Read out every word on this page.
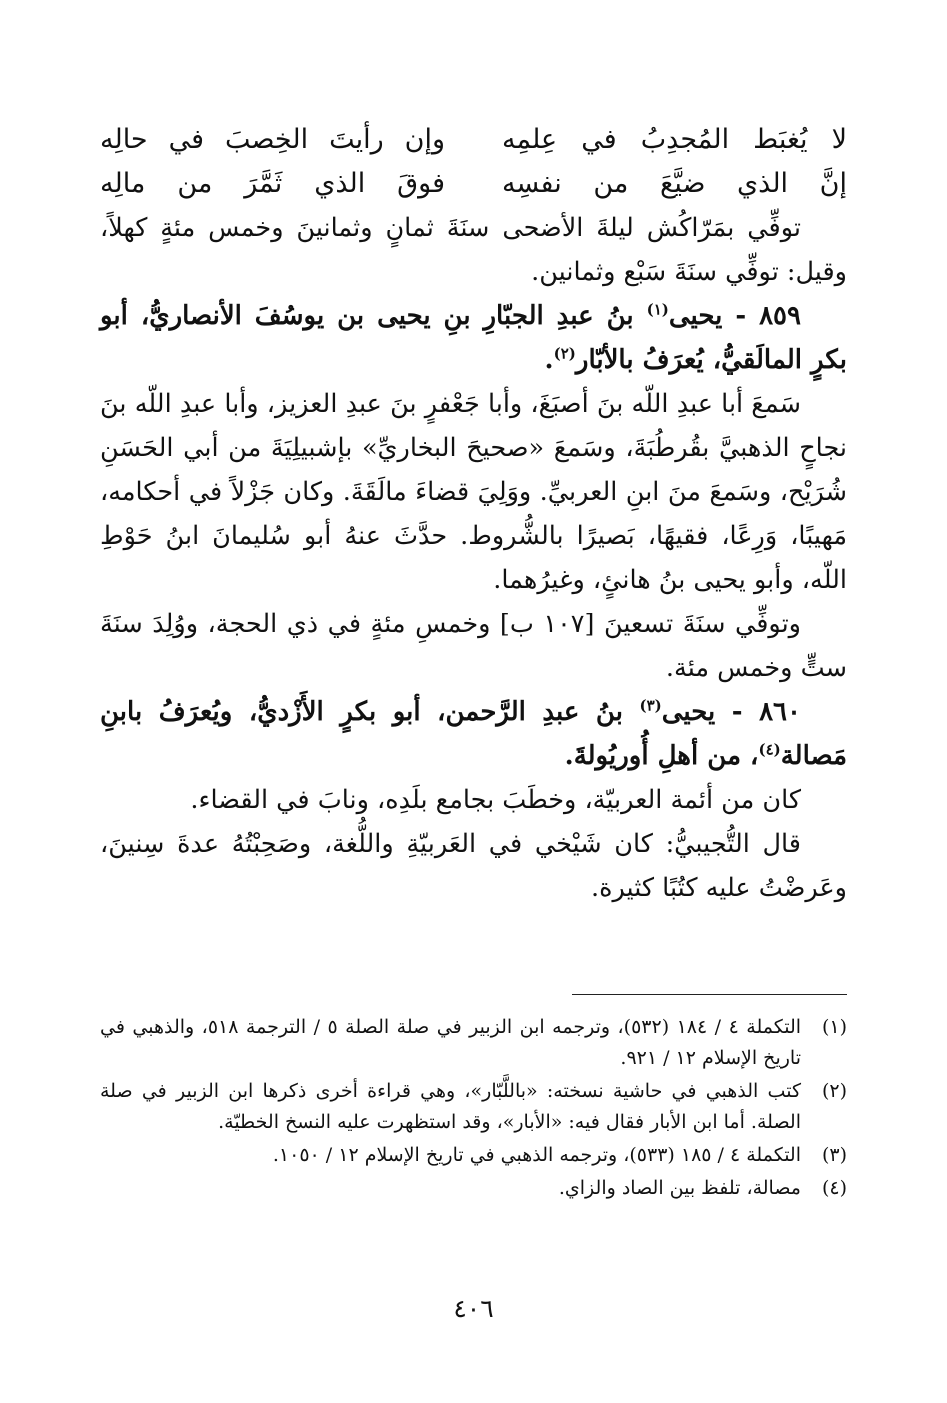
لا يُغبَط المُجدِبُ في عِلمِه
وإن رأيتَ الخِصبَ في حالِه
إنَّ الذي ضيَّعَ من نفسِه
فوقَ الذي ثَمَّرَ من مالِه

توفِّي بمَرّاكُش ليلةَ الأضحى سنَةَ ثمانٍ وثمانينَ وخمس مئةٍ كهلاً، وقيل: توفِّي سنَةَ سَبْع وثمانين.

٨٥٩ - يحيى$^{(١)}$ بنُ عبدِ الجبّارِ بنِ يحيى بن يوسُفَ الأنصاريُّ، أبو بكرٍ المالَقيُّ، يُعرَفُ بالأبّار$^{(٢)}$.

سَمعَ أبا عبدِ اللّه بنَ أصبَغَ، وأبا جَعْفرٍ بنَ عبدِ العزيز، وأبا عبدِ اللّه بنَ نجاحٍ الذهبيَّ بقُرطُبَةَ، وسَمعَ «صحيحَ البخاريِّ» بإشبيلِيَةَ من أبي الحَسَنِ شُرَيْح، وسَمعَ منَ ابنِ العربيِّ. ووَلِيَ قضاءَ مالَقَةَ. وكان جَزْلاً في أحكامه، مَهيبًا، وَرِعًا، فقيهًا، بَصيرًا بالشُّروط. حدَّثَ عنهُ أبو سُليمانَ ابنُ حَوْطِ اللّه، وأبو يحيى بنُ هانئٍ، وغيرُهما.

وتوفِّي سنَةَ تسعينَ [١٠٧ ب] وخمسِ مئةٍ في ذي الحجة، ووُلِدَ سنَةَ ستٍّ وخمس مئة.

٨٦٠ - يحيى$^{(٣)}$ بنُ عبدِ الرَّحمن، أبو بكرٍ الأَزْديُّ، ويُعرَفُ بابنِ مَصالة$^{(٤)}$، من أهلِ أُوريُولةَ.

كان من أئمة العربيّة، وخطَبَ بجامع بلَدِه، ونابَ في القضاء.

قال التُّجيبيُّ: كان شَيْخي في العَربيّةِ واللُّغة، وصَحِبْتُهُ عدةَ سِنينَ، وعَرضْتُ عليه كتُبًا كثيرة.

(١)
التكملة ٤ / ١٨٤ (٥٣٢)، وترجمه ابن الزبير في صلة الصلة ٥ / الترجمة ٥١٨، والذهبي في تاريخ الإسلام ١٢ / ٩٢١.
(٢)
كتب الذهبي في حاشية نسخته: «باللَّبّار»، وهي قراءة أخرى ذكرها ابن الزبير في صلة الصلة. أما ابن الأبار فقال فيه: «الأبار»، وقد استظهرت عليه النسخ الخطيّة.
(٣)
التكملة ٤ / ١٨٥ (٥٣٣)، وترجمه الذهبي في تاريخ الإسلام ١٢ / ١٠٥٠.
(٤)
مصالة، تلفظ بين الصاد والزاي.
٤٠٦
